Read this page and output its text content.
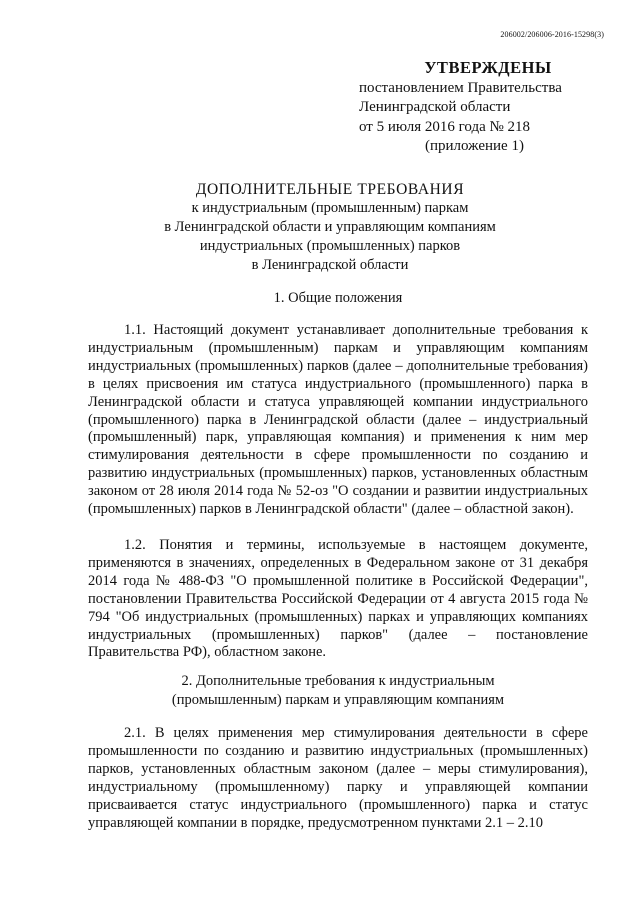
206002/206006-2016-15298(3)
УТВЕРЖДЕНЫ
постановлением Правительства
Ленинградской области
от 5 июля 2016 года № 218
(приложение 1)
ДОПОЛНИТЕЛЬНЫЕ ТРЕБОВАНИЯ
к индустриальным (промышленным) паркам
в Ленинградской области и управляющим компаниям
индустриальных (промышленных) парков
в Ленинградской области
1. Общие положения

1.1. Настоящий документ устанавливает дополнительные требования к индустриальным (промышленным) паркам и управляющим компаниям индустриальных (промышленных) парков (далее – дополнительные требования) в целях присвоения им статуса индустриального (промышленного) парка в Ленинградской области и статуса управляющей компании индустриального (промышленного) парка в Ленинградской области (далее – индустриальный (промышленный) парк, управляющая компания) и применения к ним мер стимулирования деятельности в сфере промышленности по созданию и развитию индустриальных (промышленных) парков, установленных областным законом от 28 июля 2014 года № 52-оз "О создании и развитии индустриальных (промышленных) парков в Ленинградской области" (далее – областной закон).

1.2. Понятия и термины, используемые в настоящем документе, применяются в значениях, определенных в Федеральном законе от 31 декабря 2014 года № 488-ФЗ "О промышленной политике в Российской Федерации", постановлении Правительства Российской Федерации от 4 августа 2015 года № 794 "Об индустриальных (промышленных) парках и управляющих компаниях индустриальных (промышленных) парков" (далее – постановление Правительства РФ), областном законе.

2. Дополнительные требования к индустриальным
(промышленным) паркам и управляющим компаниям

2.1. В целях применения мер стимулирования деятельности в сфере промышленности по созданию и развитию индустриальных (промышленных) парков, установленных областным законом (далее – меры стимулирования), индустриальному (промышленному) парку и управляющей компании присваивается статус индустриального (промышленного) парка и статус управляющей компании в порядке, предусмотренном пунктами 2.1 – 2.10
